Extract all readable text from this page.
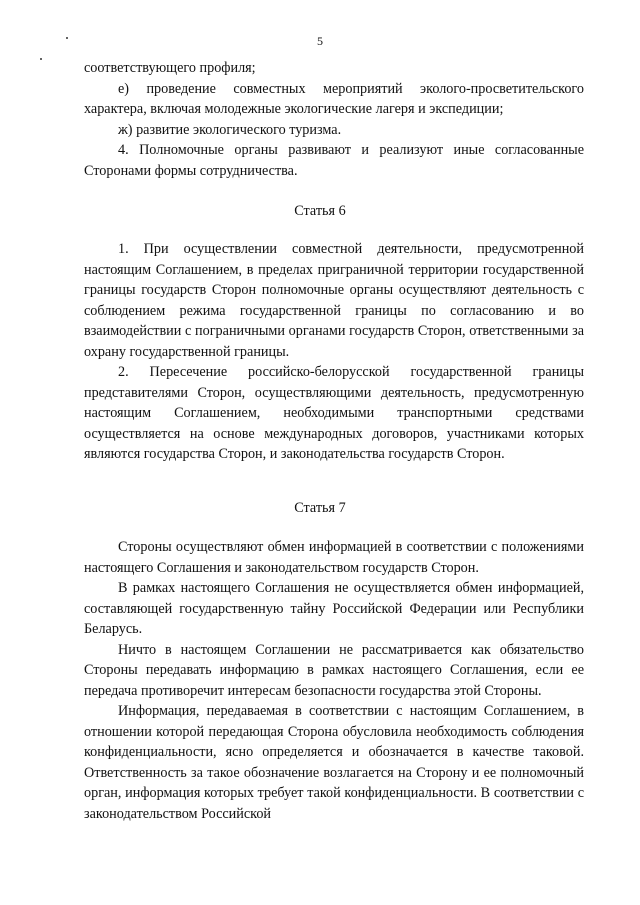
5

соответствующего профиля;

е) проведение совместных мероприятий эколого-просветительского характера, включая молодежные экологические лагеря и экспедиции;

ж) развитие экологического туризма.

4. Полномочные органы развивают и реализуют иные согласованные Сторонами формы сотрудничества.

Статья 6

1. При осуществлении совместной деятельности, предусмотренной настоящим Соглашением, в пределах приграничной территории государственной границы государств Сторон полномочные органы осуществляют деятельность с соблюдением режима государственной границы по согласованию и во взаимодействии с пограничными органами государств Сторон, ответственными за охрану государственной границы.

2. Пересечение российско-белорусской государственной границы представителями Сторон, осуществляющими деятельность, предусмотренную настоящим Соглашением, необходимыми транспортными средствами осуществляется на основе международных договоров, участниками которых являются государства Сторон, и законодательства государств Сторон.

Статья 7

Стороны осуществляют обмен информацией в соответствии с положениями настоящего Соглашения и законодательством государств Сторон.

В рамках настоящего Соглашения не осуществляется обмен информацией, составляющей государственную тайну Российской Федерации или Республики Беларусь.

Ничто в настоящем Соглашении не рассматривается как обязательство Стороны передавать информацию в рамках настоящего Соглашения, если ее передача противоречит интересам безопасности государства этой Стороны.

Информация, передаваемая в соответствии с настоящим Соглашением, в отношении которой передающая Сторона обусловила необходимость соблюдения конфиденциальности, ясно определяется и обозначается в качестве таковой. Ответственность за такое обозначение возлагается на Сторону и ее полномочный орган, информация которых требует такой конфиденциальности. В соответствии с законодательством Российской
